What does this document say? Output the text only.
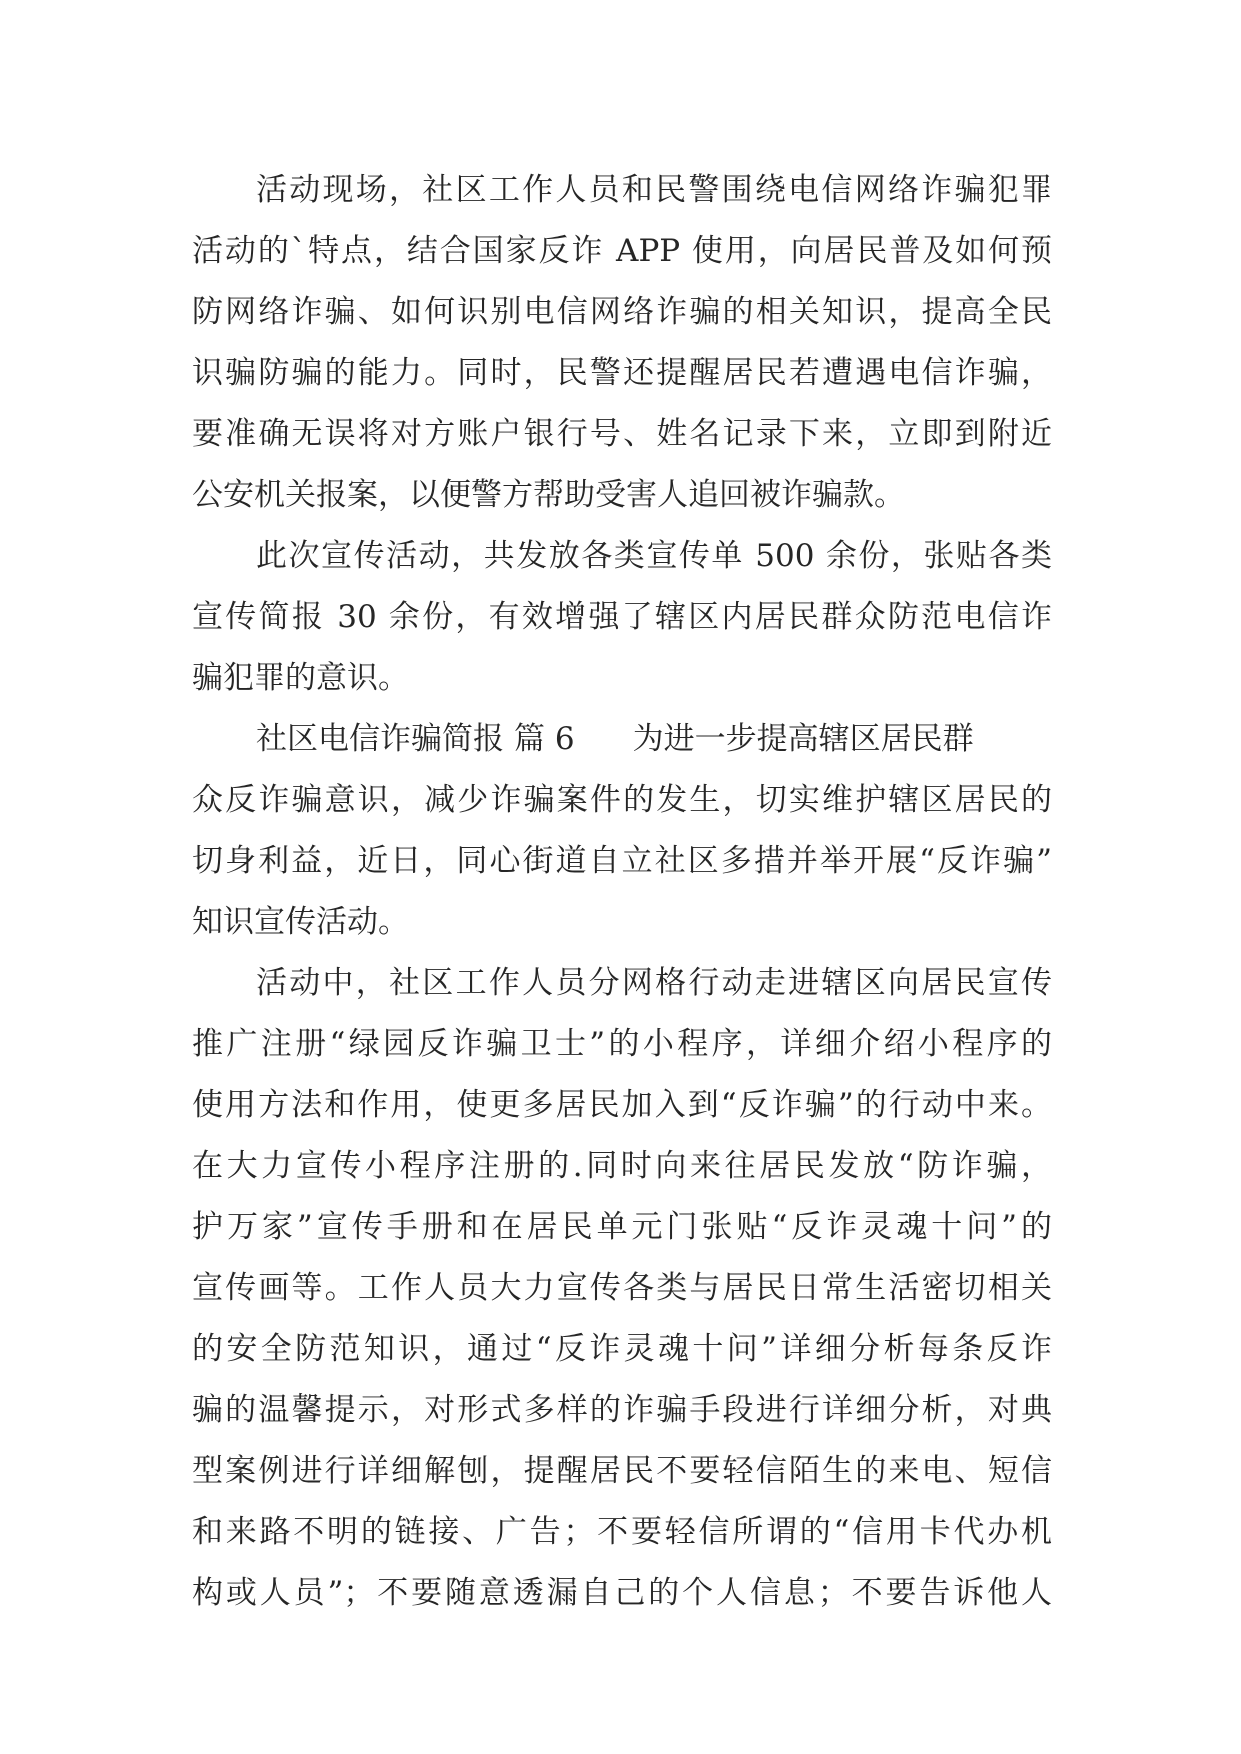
活动现场，社区工作人员和民警围绕电信网络诈骗犯罪
活动的`特点，结合国家反诈 APP 使用，向居民普及如何预
防网络诈骗、如何识别电信网络诈骗的相关知识，提高全民
识骗防骗的能力。同时，民警还提醒居民若遭遇电信诈骗，
要准确无误将对方账户银行号、姓名记录下来，立即到附近
公安机关报案，以便警方帮助受害人追回被诈骗款。
此次宣传活动，共发放各类宣传单 500 余份，张贴各类
宣传简报 30 余份，有效增强了辖区内居民群众防范电信诈
骗犯罪的意识。
社区电信诈骗简报 篇 6 为进一步提高辖区居民群
众反诈骗意识，减少诈骗案件的发生，切实维护辖区居民的
切身利益，近日，同心街道自立社区多措并举开展“反诈骗”
知识宣传活动。
活动中，社区工作人员分网格行动走进辖区向居民宣传
推广注册“绿园反诈骗卫士”的小程序，详细介绍小程序的
使用方法和作用，使更多居民加入到“反诈骗”的行动中来。
在大力宣传小程序注册的.同时向来往居民发放“防诈骗，
护万家”宣传手册和在居民单元门张贴“反诈灵魂十问”的
宣传画等。工作人员大力宣传各类与居民日常生活密切相关
的安全防范知识，通过“反诈灵魂十问”详细分析每条反诈
骗的温馨提示，对形式多样的诈骗手段进行详细分析，对典
型案例进行详细解刨，提醒居民不要轻信陌生的来电、短信
和来路不明的链接、广告；不要轻信所谓的“信用卡代办机
构或人员”；不要随意透漏自己的个人信息；不要告诉他人
